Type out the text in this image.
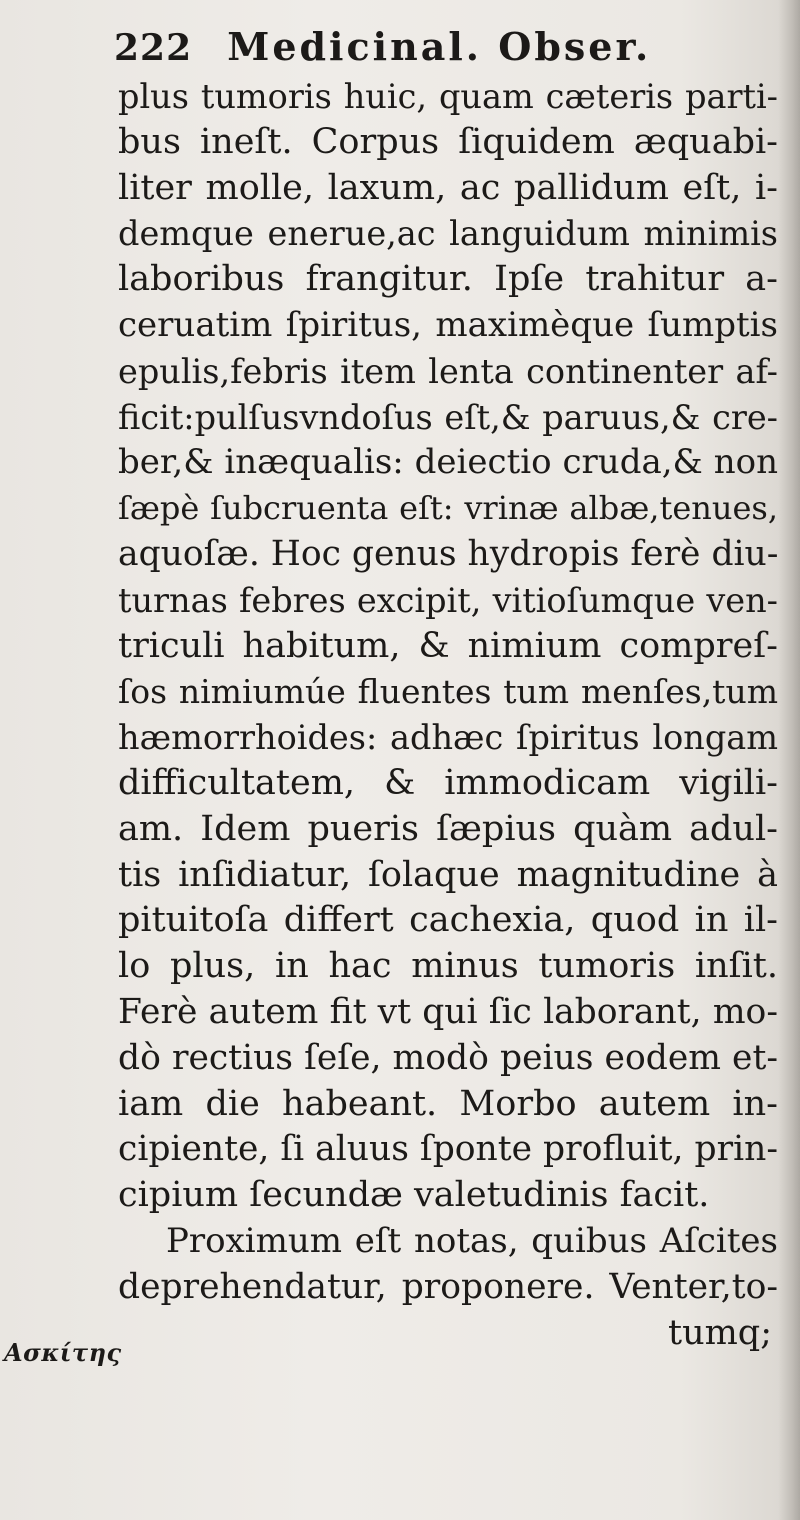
222 Medicinal. Obser.
Ασκίτης
plus tumoris huic, quam cæteris parti-
bus ineſt. Corpus ſiquidem æquabi-
liter molle, laxum, ac pallidum eſt, i-
demque enerue,ac languidum minimis
laboribus frangitur. Ipſe trahitur a-
ceruatim ſpiritus, maximèque ſumptis
epulis,febris item lenta continenter af-
ficit:pulſusvndoſus eſt,& paruus,& cre-
ber,& inæqualis: deiectio cruda,& non
ſæpè ſubcruenta eſt: vrinæ albæ,tenues,
aquoſæ. Hoc genus hydropis ferè diu-
turnas febres excipit, vitioſumque ven-
triculi habitum, & nimium compreſ-
ſos nimiumúe fluentes tum menſes,tum
hæmorrhoides: adhæc ſpiritus longam
difficultatem, & immodicam vigili-
am. Idem pueris ſæpius quàm adul-
tis inſidiatur, ſolaque magnitudine à
pituitoſa differt cachexia, quod in il-
lo plus, in hac minus tumoris inſit.
Ferè autem fit vt qui ſic laborant, mo-
dò rectius ſeſe, modò peius eodem et-
iam die habeant. Morbo autem in-
cipiente, ſi aluus ſponte profluit, prin-
cipium ſecundæ valetudinis facit.
Proximum eſt notas, quibus Aſcites
deprehendatur, proponere. Venter,to-
tumq;
